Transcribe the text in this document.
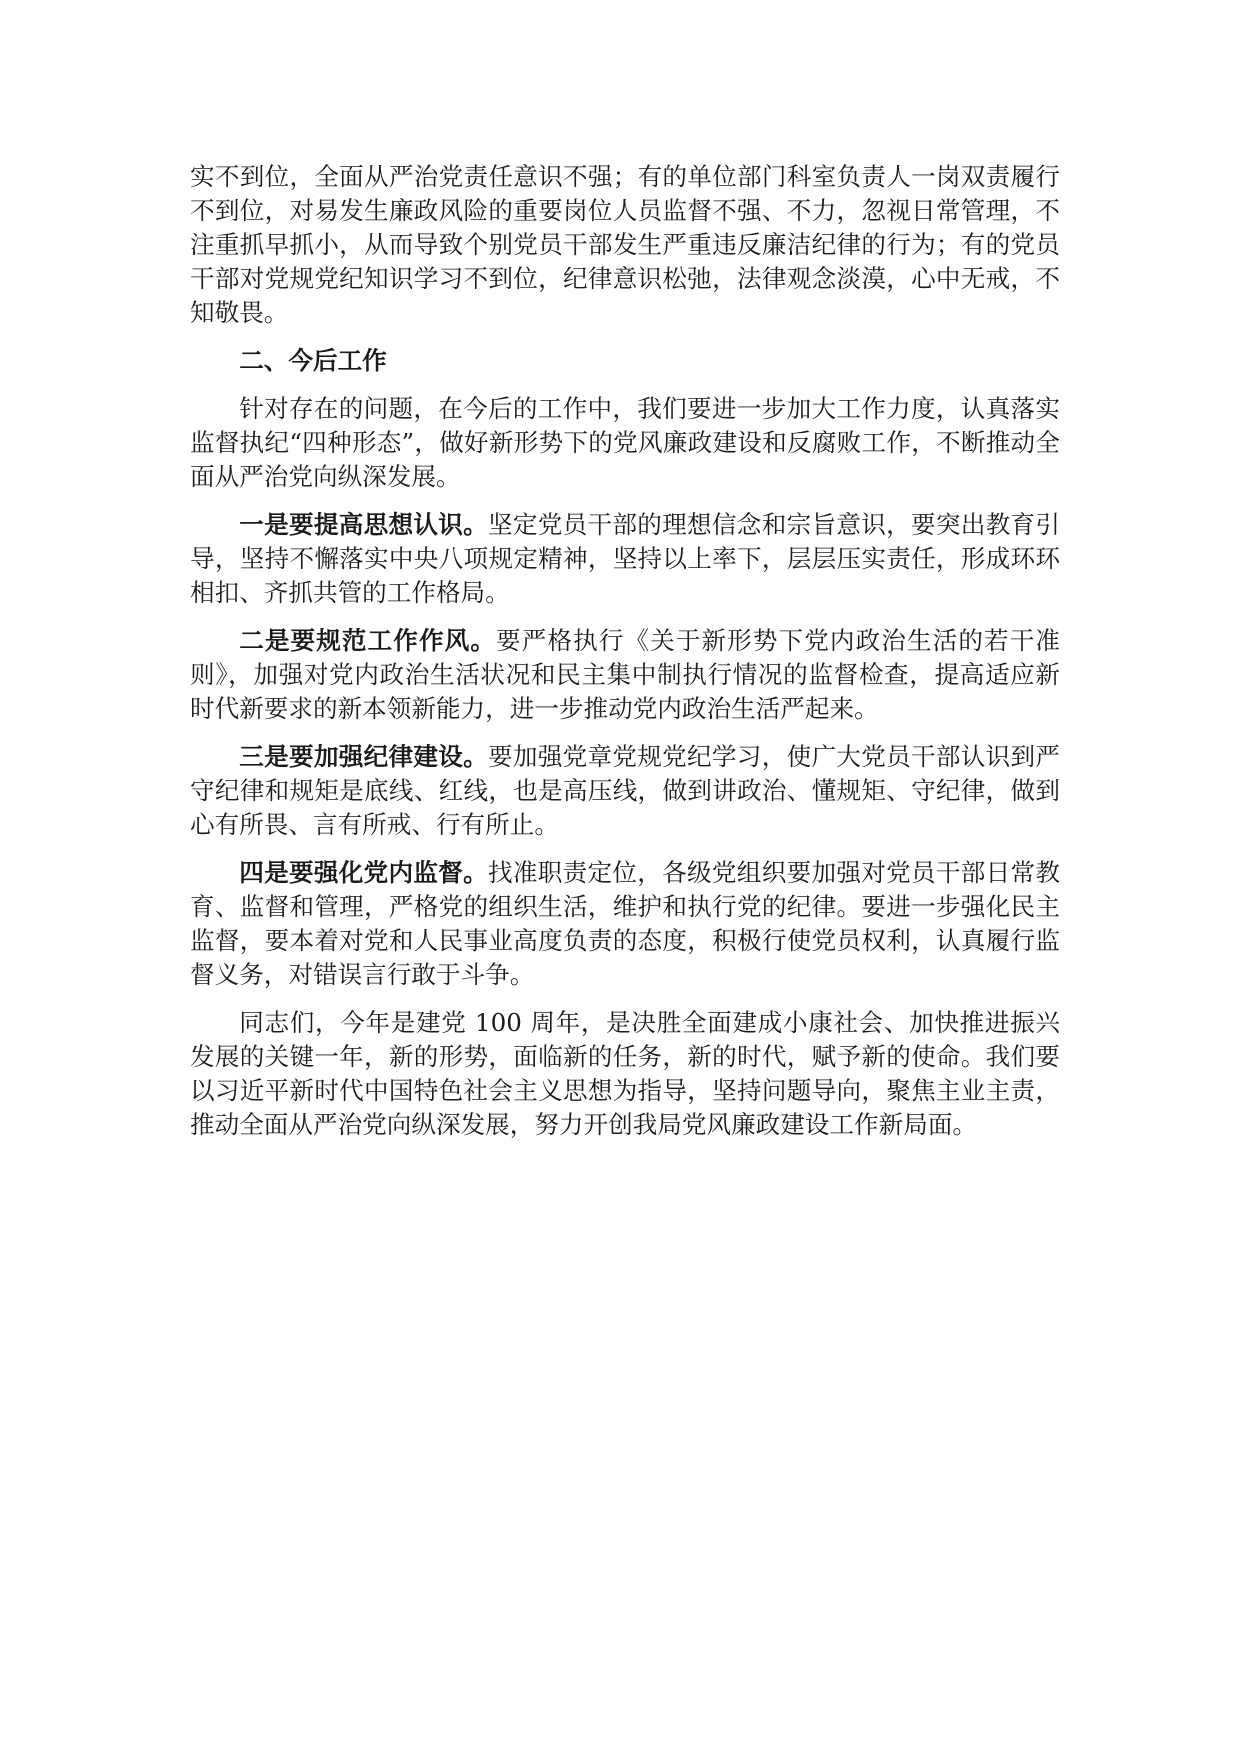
实不到位，全面从严治党责任意识不强；有的单位部门科室负责人一岗双责履行不到位，对易发生廉政风险的重要岗位人员监督不强、不力，忽视日常管理，不注重抓早抓小，从而导致个别党员干部发生严重违反廉洁纪律的行为；有的党员干部对党规党纪知识学习不到位，纪律意识松弛，法律观念淡漠，心中无戒，不知敬畏。

二、今后工作

针对存在的问题，在今后的工作中，我们要进一步加大工作力度，认真落实监督执纪“四种形态”，做好新形势下的党风廉政建设和反腐败工作，不断推动全面从严治党向纵深发展。

一是要提高思想认识。坚定党员干部的理想信念和宗旨意识，要突出教育引导，坚持不懈落实中央八项规定精神，坚持以上率下，层层压实责任，形成环环相扣、齐抓共管的工作格局。

二是要规范工作作风。要严格执行《关于新形势下党内政治生活的若干准则》，加强对党内政治生活状况和民主集中制执行情况的监督检查，提高适应新时代新要求的新本领新能力，进一步推动党内政治生活严起来。

三是要加强纪律建设。要加强党章党规党纪学习，使广大党员干部认识到严守纪律和规矩是底线、红线，也是高压线，做到讲政治、懂规矩、守纪律，做到心有所畏、言有所戒、行有所止。

四是要强化党内监督。找准职责定位，各级党组织要加强对党员干部日常教育、监督和管理，严格党的组织生活，维护和执行党的纪律。要进一步强化民主监督，要本着对党和人民事业高度负责的态度，积极行使党员权利，认真履行监督义务，对错误言行敢于斗争。

同志们，今年是建党 100 周年，是决胜全面建成小康社会、加快推进振兴发展的关键一年，新的形势，面临新的任务，新的时代，赋予新的使命。我们要以习近平新时代中国特色社会主义思想为指导，坚持问题导向，聚焦主业主责，推动全面从严治党向纵深发展，努力开创我局党风廉政建设工作新局面。
